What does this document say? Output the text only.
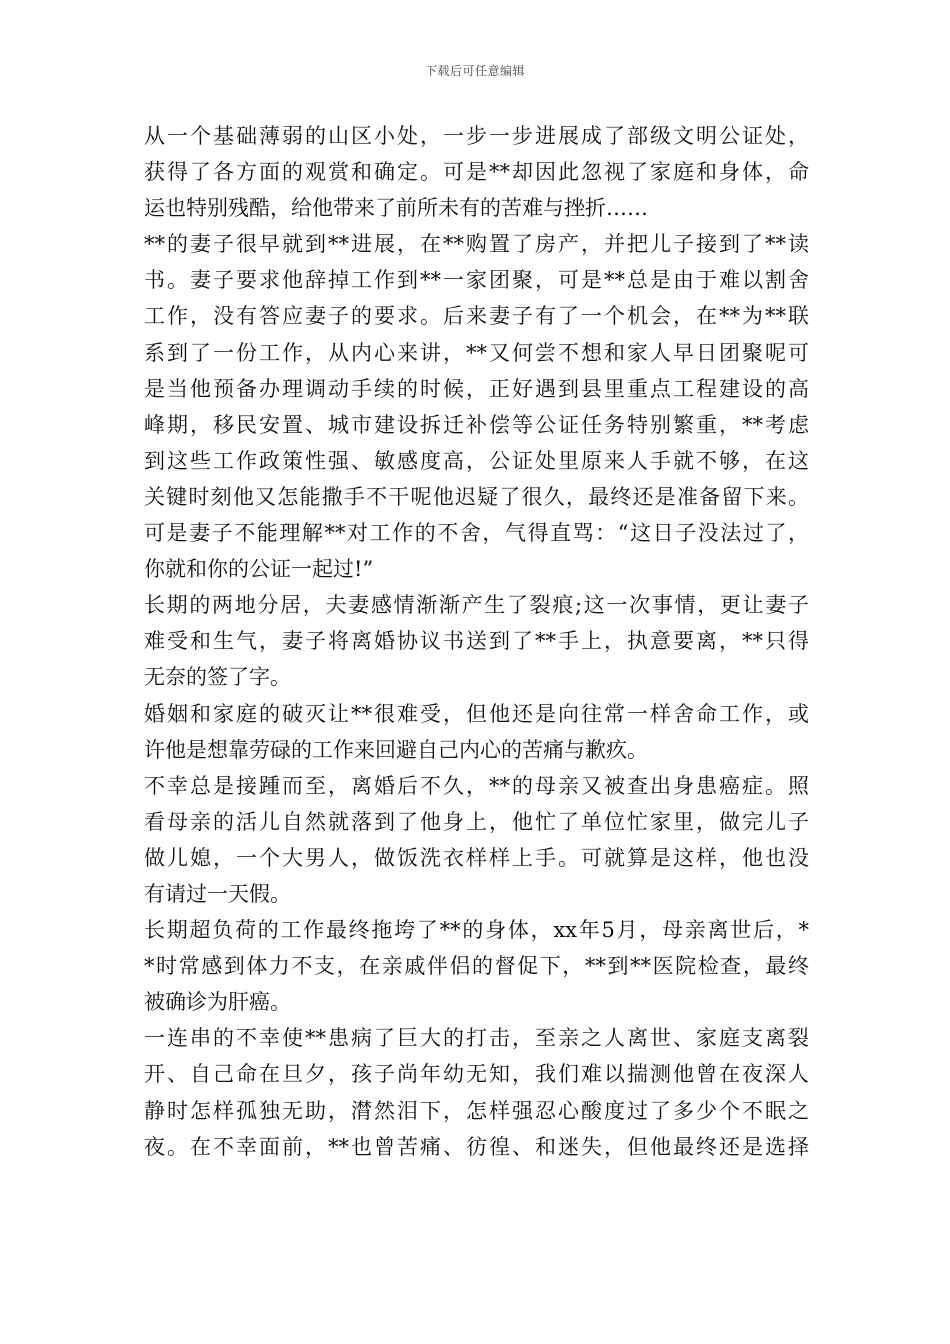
下载后可任意编辑
从一个基础薄弱的山区小处，一步一步进展成了部级文明公证处，
获得了各方面的观赏和确定。可是**却因此忽视了家庭和身体，命
运也特别残酷，给他带来了前所未有的苦难与挫折……
**的妻子很早就到**进展，在**购置了房产，并把儿子接到了**读
书。妻子要求他辞掉工作到**一家团聚，可是**总是由于难以割舍
工作，没有答应妻子的要求。后来妻子有了一个机会，在**为**联
系到了一份工作，从内心来讲，**又何尝不想和家人早日团聚呢可
是当他预备办理调动手续的时候，正好遇到县里重点工程建设的高
峰期，移民安置、城市建设拆迁补偿等公证任务特别繁重，**考虑
到这些工作政策性强、敏感度高，公证处里原来人手就不够，在这
关键时刻他又怎能撒手不干呢他迟疑了很久，最终还是准备留下来。
可是妻子不能理解**对工作的不舍，气得直骂：“这日子没法过了，
你就和你的公证一起过!”
长期的两地分居，夫妻感情渐渐产生了裂痕;这一次事情，更让妻子
难受和生气，妻子将离婚协议书送到了**手上，执意要离，**只得
无奈的签了字。
婚姻和家庭的破灭让**很难受，但他还是向往常一样舍命工作，或
许他是想靠劳碌的工作来回避自己内心的苦痛与歉疚。
不幸总是接踵而至，离婚后不久，**的母亲又被查出身患癌症。照
看母亲的活儿自然就落到了他身上，他忙了单位忙家里，做完儿子
做儿媳，一个大男人，做饭洗衣样样上手。可就算是这样，他也没
有请过一天假。
长期超负荷的工作最终拖垮了**的身体，xx年5月，母亲离世后，*
*时常感到体力不支，在亲戚伴侣的督促下，**到**医院检查，最终
被确诊为肝癌。
一连串的不幸使**患病了巨大的打击，至亲之人离世、家庭支离裂
开、自己命在旦夕，孩子尚年幼无知，我们难以揣测他曾在夜深人
静时怎样孤独无助，潸然泪下，怎样强忍心酸度过了多少个不眠之
夜。在不幸面前，**也曾苦痛、彷徨、和迷失，但他最终还是选择
